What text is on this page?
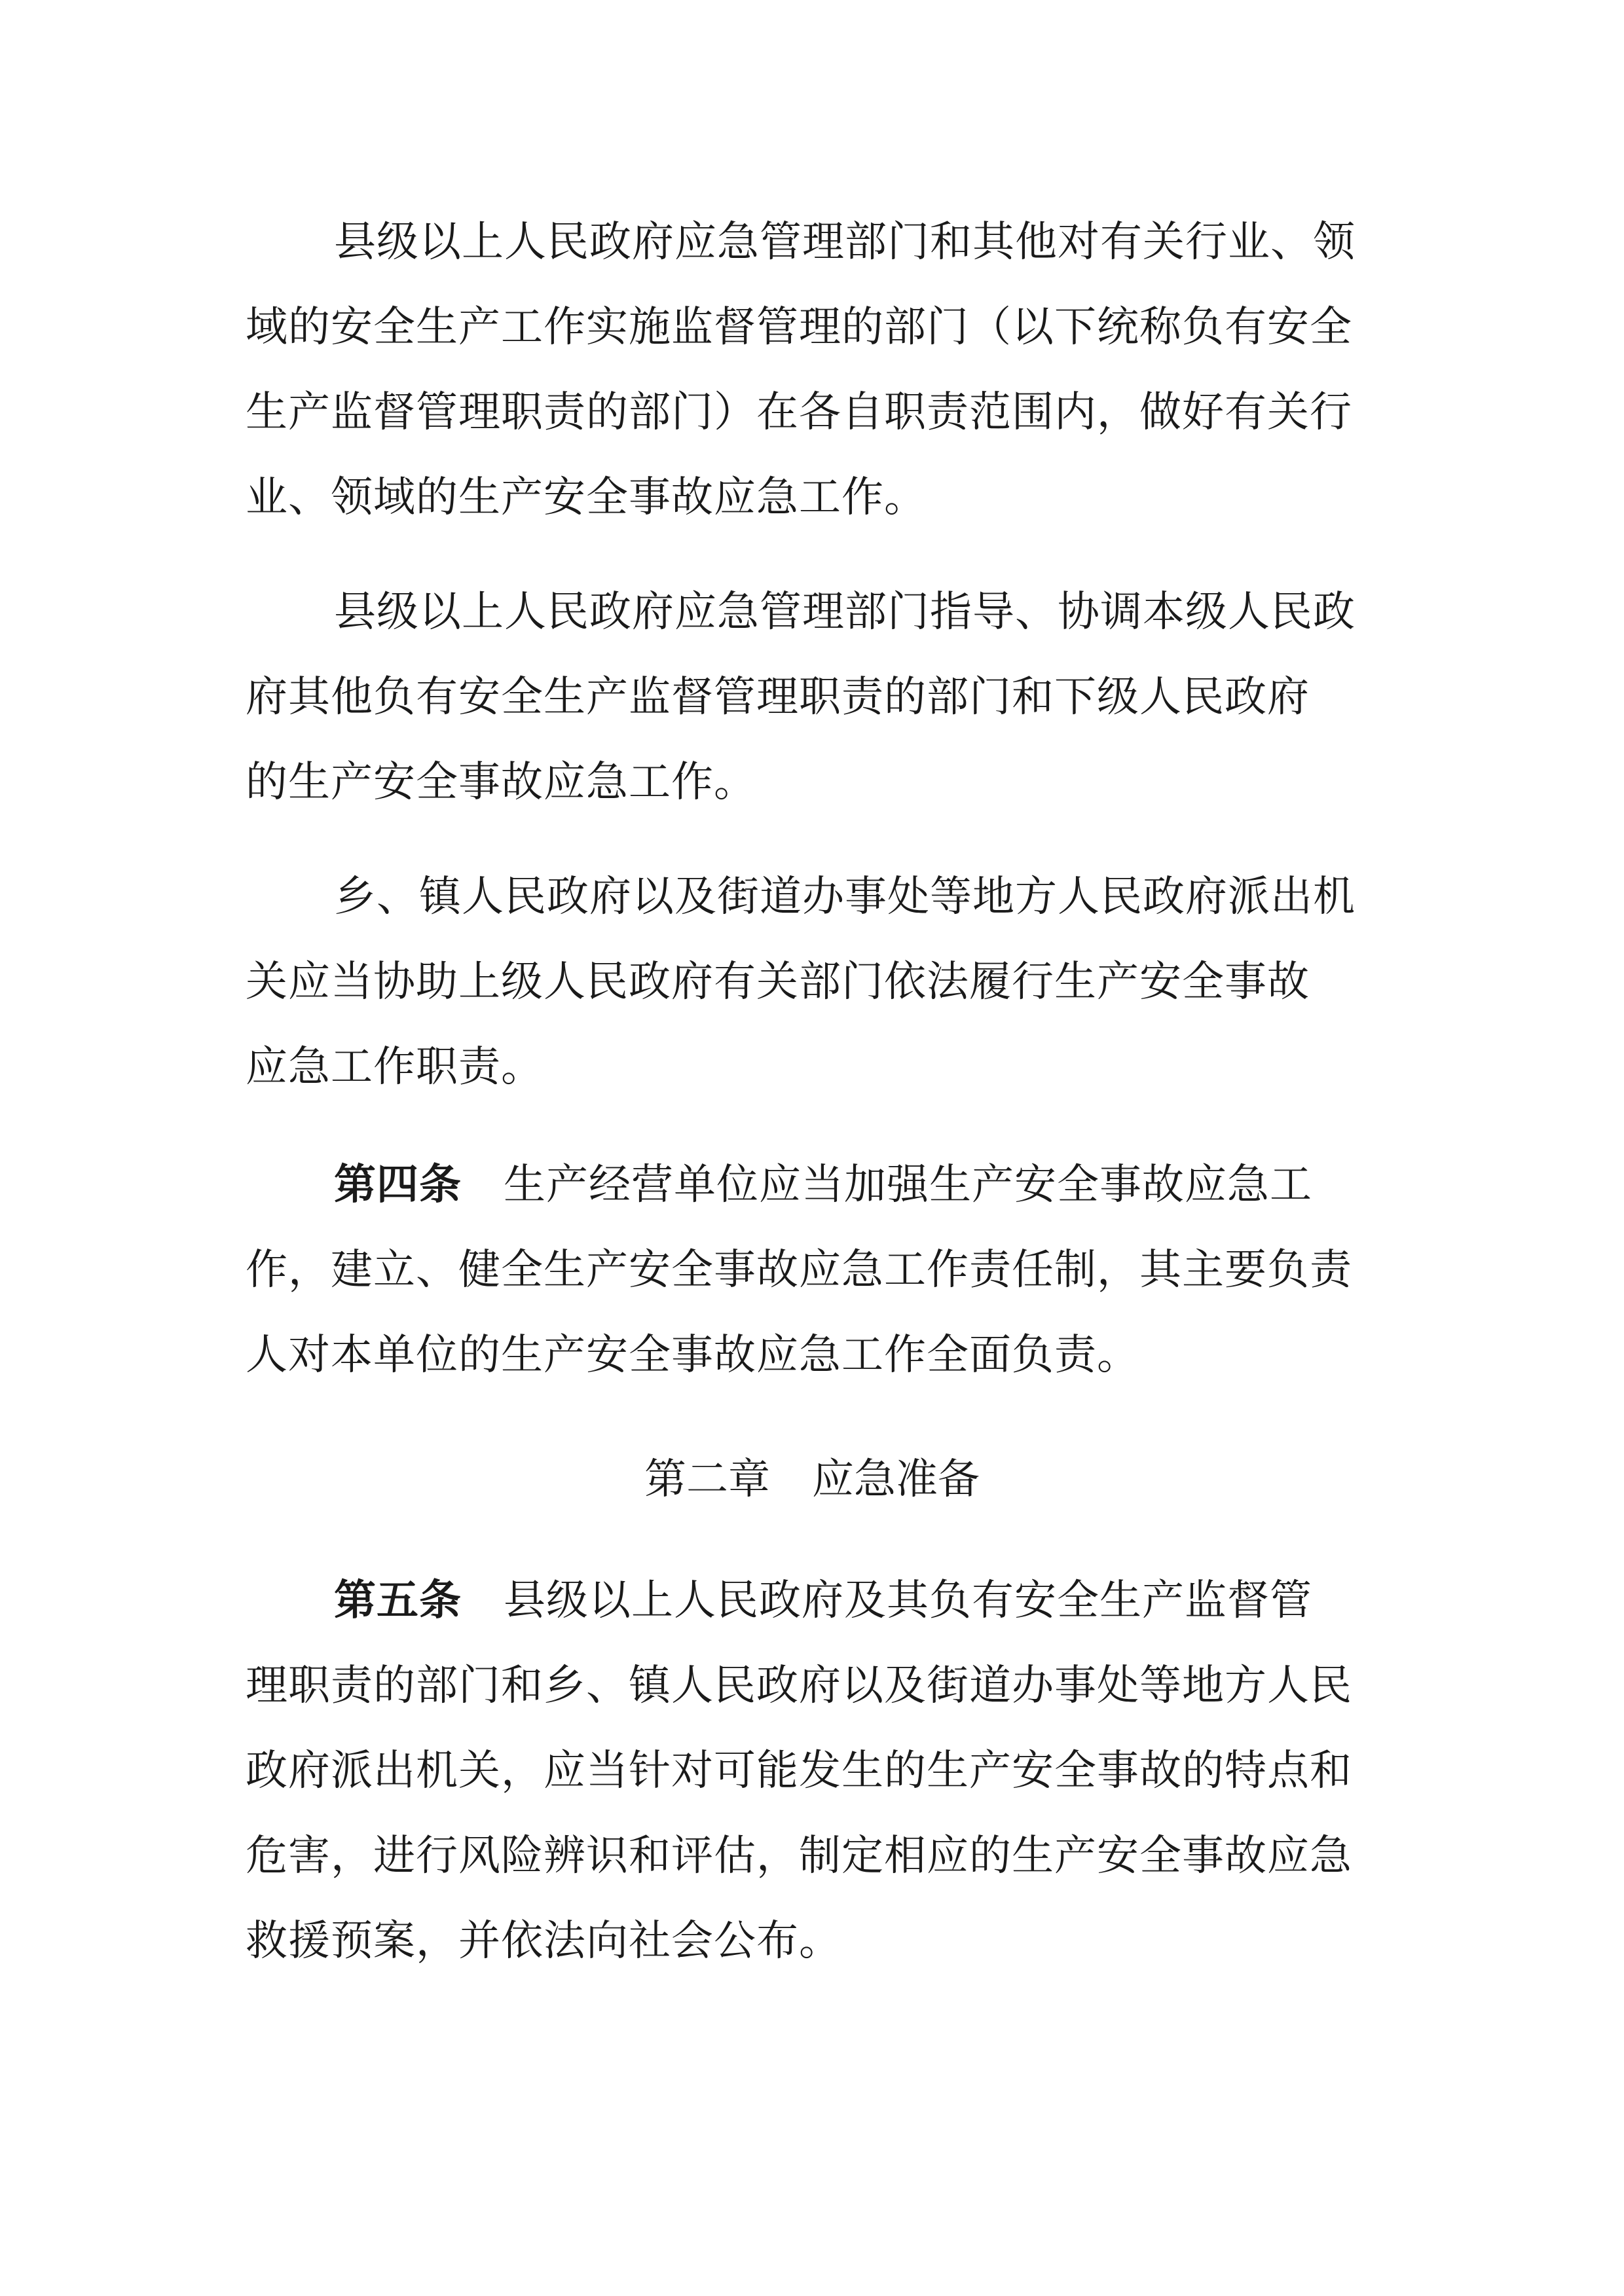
县级以上人民政府应急管理部门和其他对有关行业、领

域的安全生产工作实施监督管理的部门（以下统称负有安全

生产监督管理职责的部门）在各自职责范围内，做好有关行

业、领域的生产安全事故应急工作。

县级以上人民政府应急管理部门指导、协调本级人民政

府其他负有安全生产监督管理职责的部门和下级人民政府

的生产安全事故应急工作。

乡、镇人民政府以及街道办事处等地方人民政府派出机

关应当协助上级人民政府有关部门依法履行生产安全事故

应急工作职责。

第四条 生产经营单位应当加强生产安全事故应急工

作，建立、健全生产安全事故应急工作责任制，其主要负责

人对本单位的生产安全事故应急工作全面负责。

第二章 应急准备

第五条 县级以上人民政府及其负有安全生产监督管

理职责的部门和乡、镇人民政府以及街道办事处等地方人民

政府派出机关，应当针对可能发生的生产安全事故的特点和

危害，进行风险辨识和评估，制定相应的生产安全事故应急

救援预案，并依法向社会公布。
